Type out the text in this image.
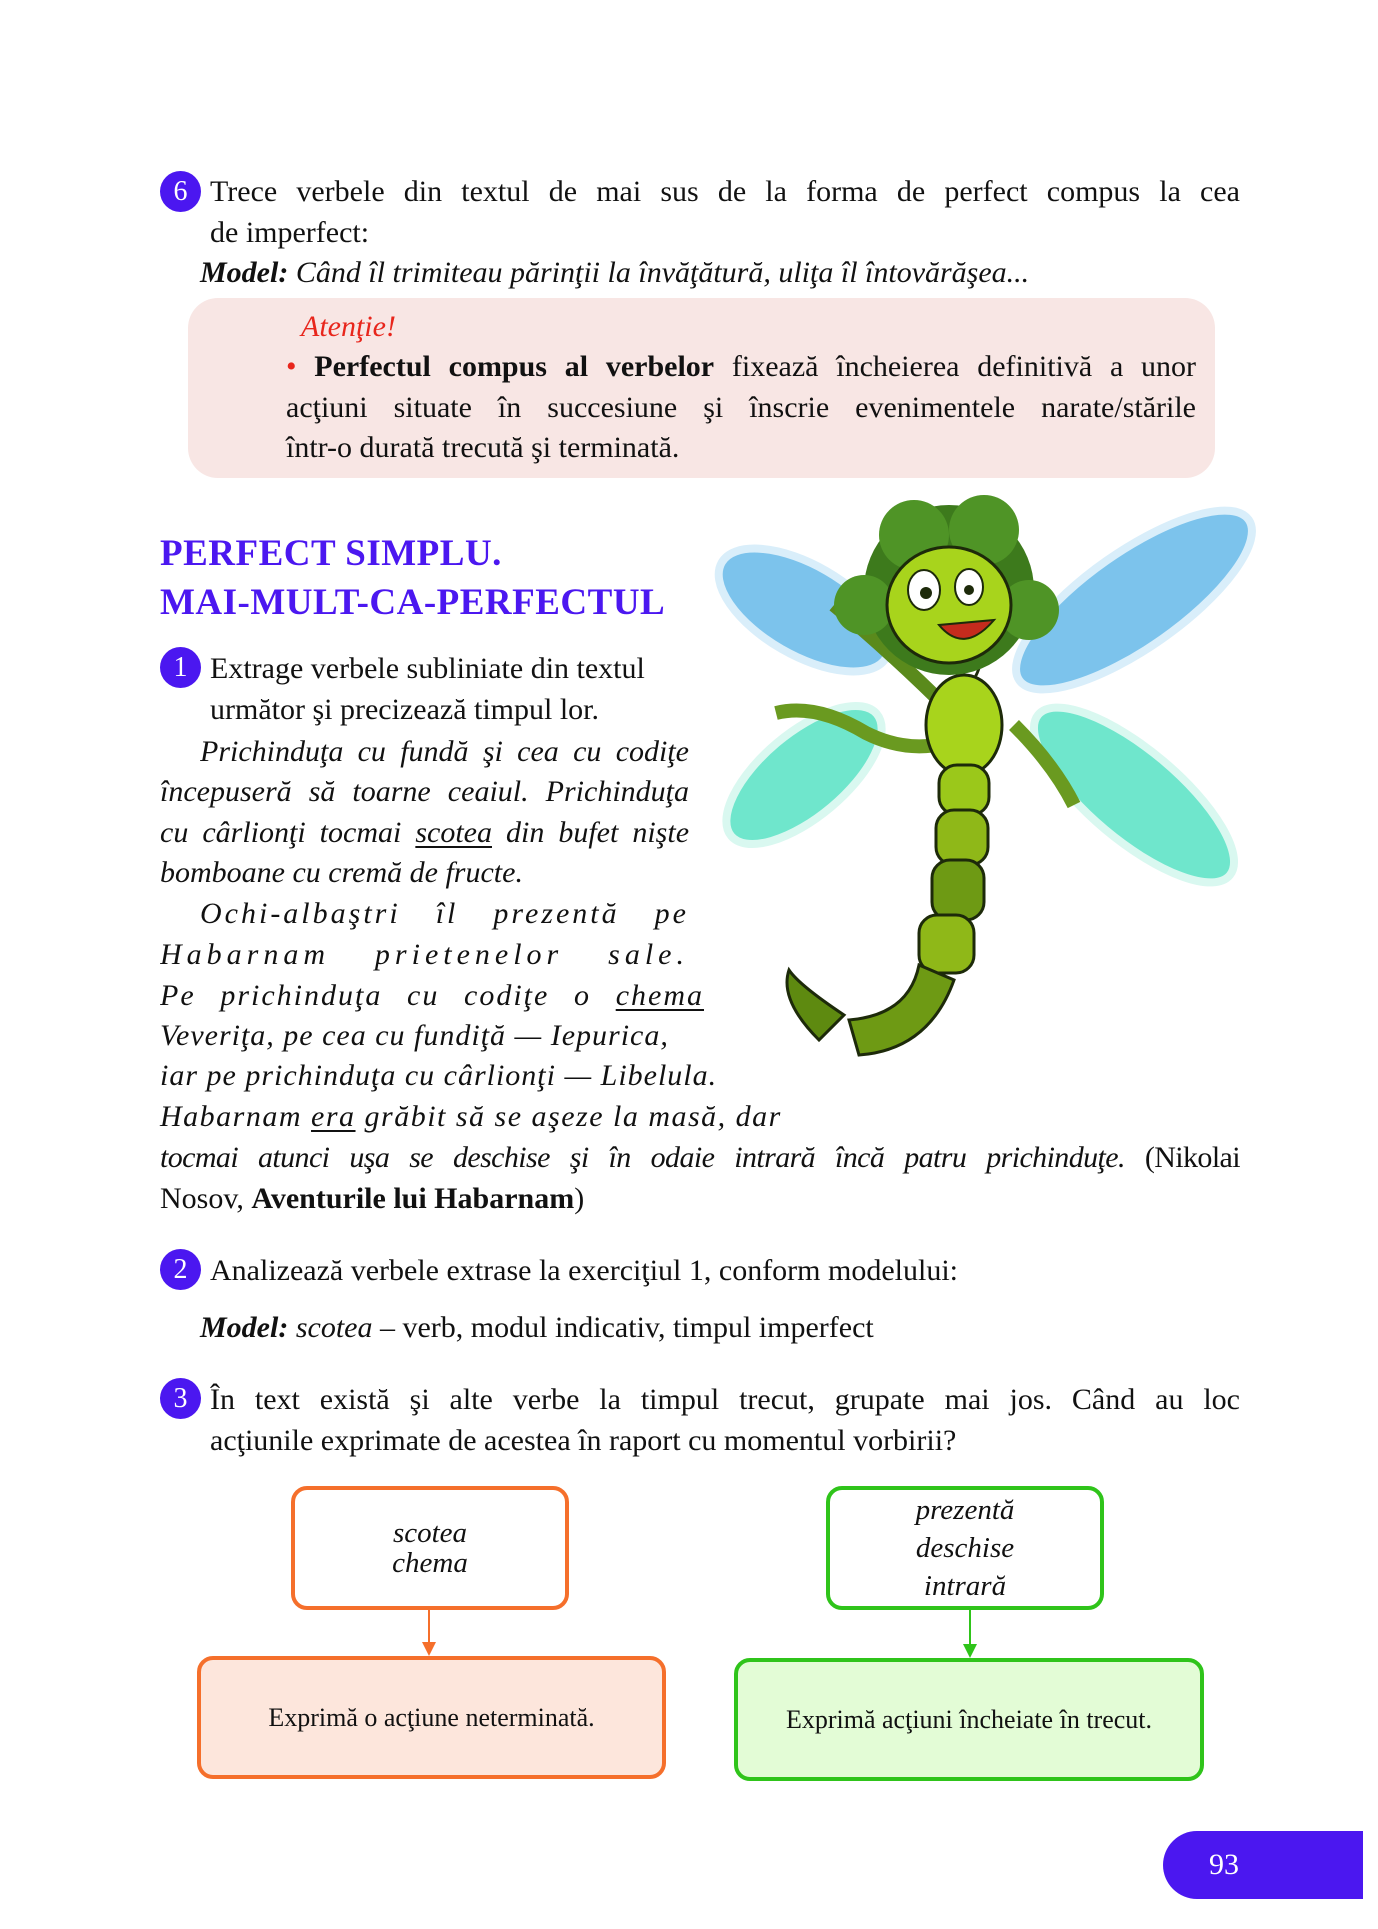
6 Trece verbele din textul de mai sus de la forma de perfect compus la cea
de imperfect:
Model: Când îl trimiteau părinţii la învăţătură, uliţa îl întovărăşea...
Atenţie!
• Perfectul compus al verbelor fixează încheierea definitivă a unor
acţiuni situate în succesiune şi înscrie evenimentele narate/stările
într-o durată trecută şi terminată.
PERFECT SIMPLU.
MAI-MULT-CA-PERFECTUL
1 Extrage verbele subliniate din textul
următor şi precizează timpul lor.
Prichinduţa cu fundă şi cea cu codiţe
începuseră să toarne ceaiul. Prichinduţa
cu cârlionţi tocmai scotea din bufet nişte
bomboane cu cremă de fructe.
Ochi-albaştri îl prezentă pe
Habarnam prietenelor sale.
Pe prichinduţa cu codiţe o chema
Veveriţa, pe cea cu fundiţă — Iepurica,
iar pe prichinduţa cu cârlionţi — Libelula.
Habarnam era grăbit să se aşeze la masă, dar
tocmai atunci uşa se deschise şi în odaie intrară încă patru prichinduţe. (Nikolai
Nosov, Aventurile lui Habarnam)
2 Analizează verbele extrase la exerciţiul 1, conform modelului:
Model: scotea – verb, modul indicativ, timpul imperfect
3 În text există şi alte verbe la timpul trecut, grupate mai jos. Când au loc
acţiunile exprimate de acestea în raport cu momentul vorbirii?
scotea
chema
Exprimă o acţiune neterminată.
prezentă
deschise
intrară
Exprimă acţiuni încheiate în trecut.
93
